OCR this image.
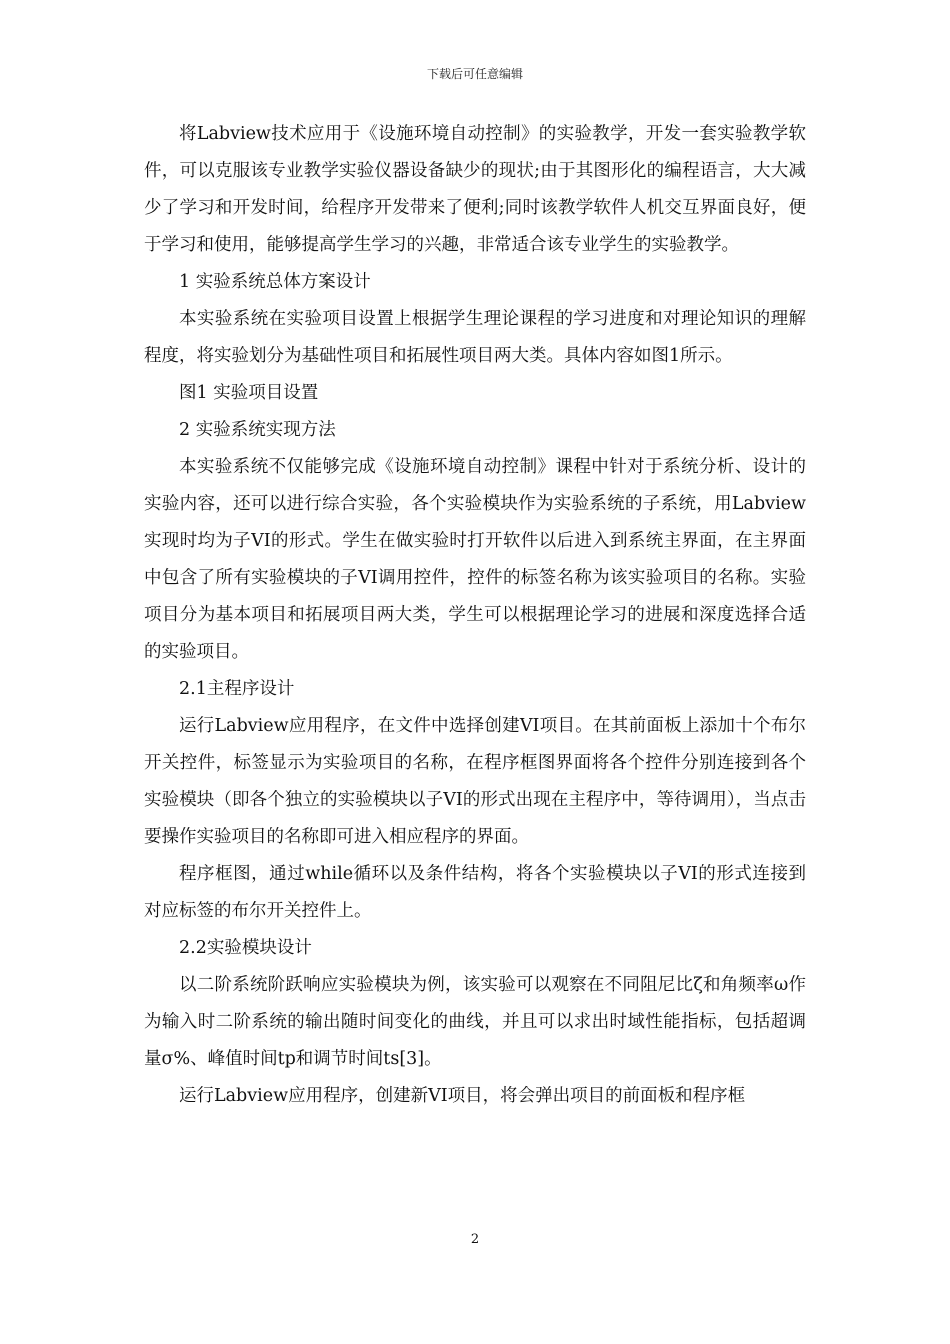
下载后可任意编辑

将Labview技术应用于《设施环境自动控制》的实验教学，开发一套实验教学软件，可以克服该专业教学实验仪器设备缺少的现状;由于其图形化的编程语言，大大减少了学习和开发时间，给程序开发带来了便利;同时该教学软件人机交互界面良好，便于学习和使用，能够提高学生学习的兴趣，非常适合该专业学生的实验教学。

1 实验系统总体方案设计

本实验系统在实验项目设置上根据学生理论课程的学习进度和对理论知识的理解程度，将实验划分为基础性项目和拓展性项目两大类。具体内容如图1所示。

图1 实验项目设置

2 实验系统实现方法

本实验系统不仅能够完成《设施环境自动控制》课程中针对于系统分析、设计的实验内容，还可以进行综合实验，各个实验模块作为实验系统的子系统，用Labview实现时均为子VI的形式。学生在做实验时打开软件以后进入到系统主界面，在主界面中包含了所有实验模块的子VI调用控件，控件的标签名称为该实验项目的名称。实验项目分为基本项目和拓展项目两大类，学生可以根据理论学习的进展和深度选择合适的实验项目。

2.1主程序设计

运行Labview应用程序，在文件中选择创建VI项目。在其前面板上添加十个布尔开关控件，标签显示为实验项目的名称，在程序框图界面将各个控件分别连接到各个实验模块（即各个独立的实验模块以子VI的形式出现在主程序中，等待调用），当点击要操作实验项目的名称即可进入相应程序的界面。

程序框图，通过while循环以及条件结构，将各个实验模块以子VI的形式连接到对应标签的布尔开关控件上。

2.2实验模块设计

以二阶系统阶跃响应实验模块为例，该实验可以观察在不同阻尼比ζ和角频率ω作为输入时二阶系统的输出随时间变化的曲线，并且可以求出时域性能指标，包括超调量σ%、峰值时间tp和调节时间ts[3]。

运行Labview应用程序，创建新VI项目，将会弹出项目的前面板和程序框

2
